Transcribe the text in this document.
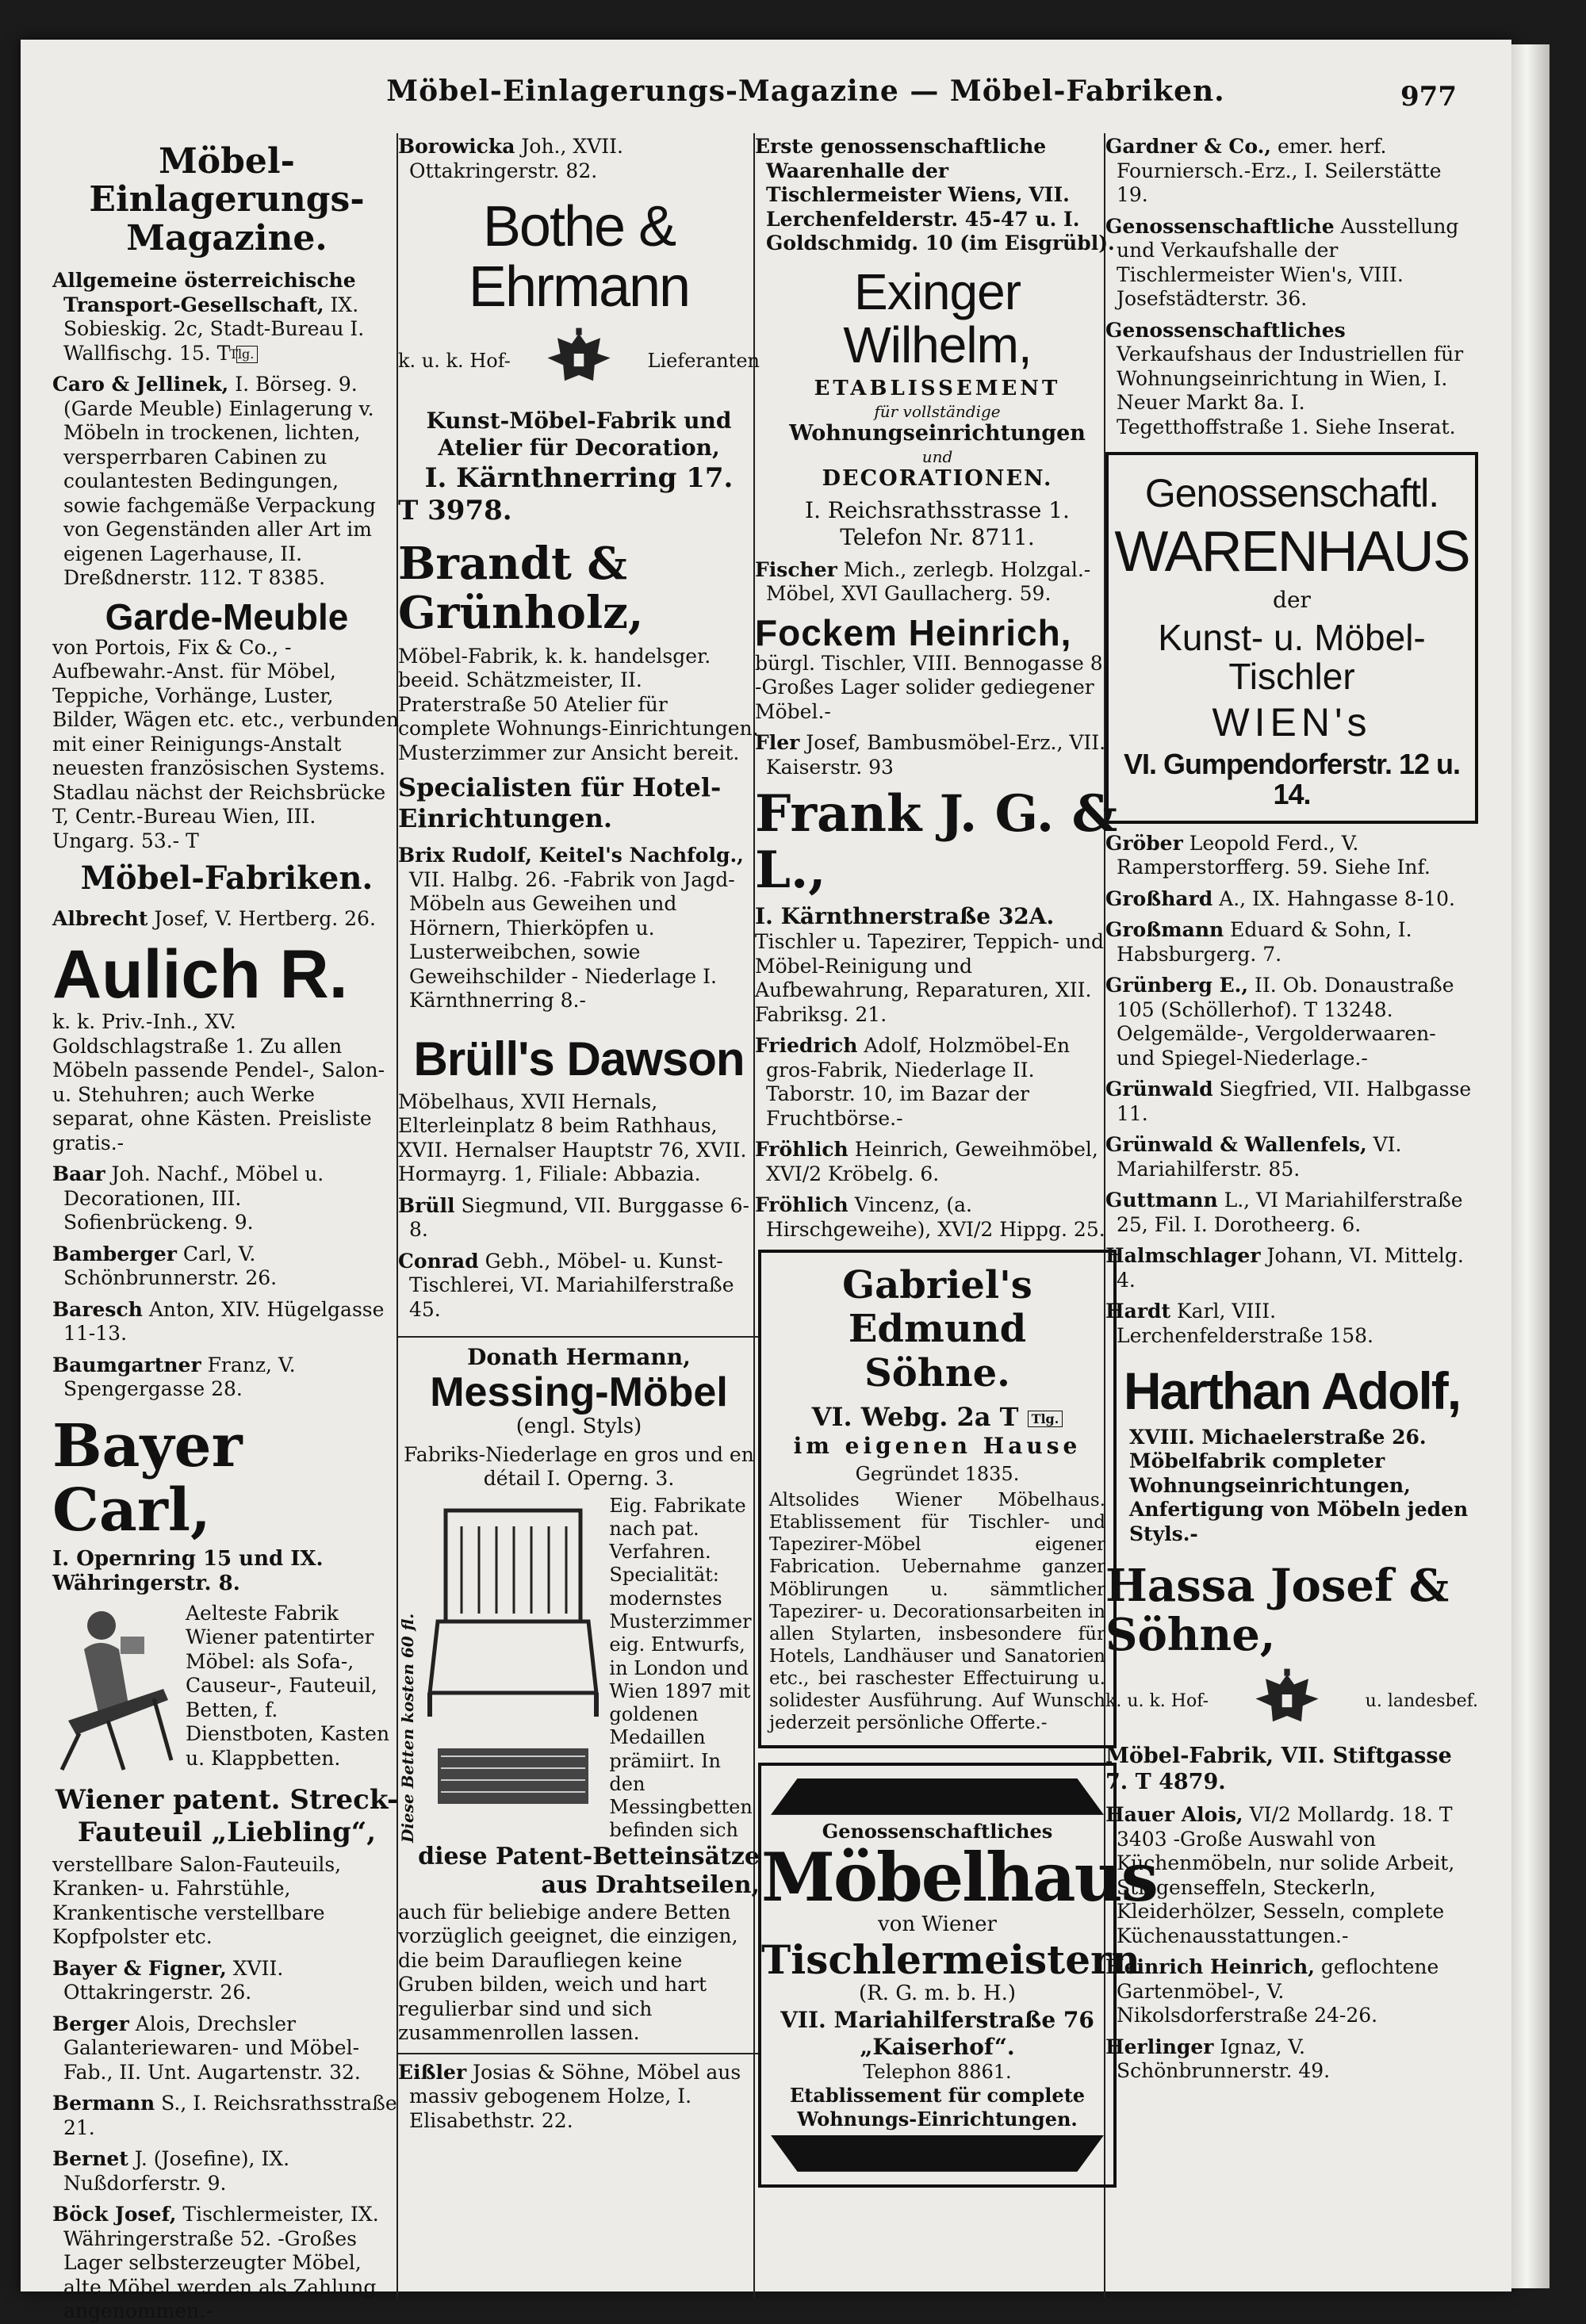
Möbel-Einlagerungs-Magazine — Möbel-Fabriken.	977
Möbel-Einlagerungs-Magazine.
Allgemeine österreichische Transport-Gesellschaft, IX. Sobieskig. 2c, Stadt-Bureau I. Wallfischg. 15. T Tlg.
Caro & Jellinek, I. Börseg. 9. (Garde Meuble) Einlagerung v. Möbeln in trockenen, lichten, versperrbaren Cabinen zu coulantesten Bedingungen, sowie fachgemäße Verpackung von Gegenständen aller Art im eigenen Lagerhause, II. Dreßdnerstr. 112. T 8385.
Garde-Meuble
von Portois, Fix & Co., -Aufbewahr.-Anst. für Möbel, Teppiche, Vorhänge, Luster, Bilder, Wägen etc. etc., verbunden mit einer Reinigungs-Anstalt neuesten französischen Systems. Stadlau nächst der Reichsbrücke T, Centr.-Bureau Wien, III. Ungarg. 53.- T
Möbel-Fabriken.
Albrecht Josef, V. Hertberg. 26.
Aulich R.
k. k. Priv.-Inh., XV. Goldschlagstraße 1. Zu allen Möbeln passende Pendel-, Salon- u. Stehuhren; auch Werke separat, ohne Kästen. Preisliste gratis.-
Baar Joh. Nachf., Möbel u. Decorationen, III. Sofienbrückeng. 9.
Bamberger Carl, V. Schönbrunnerstr. 26.
Baresch Anton, XIV. Hügelgasse 11-13.
Baumgartner Franz, V. Spengergasse 28.
Bayer Carl,
I. Opernring 15 und IX. Währingerstr. 8.
Aelteste Fabrik Wiener patentirter Möbel: als Sofa-, Causeur-, Fauteuil, Betten, f. Dienstboten, Kasten u. Klappbetten.
Wiener patent. Streck-Fauteuil „Liebling“,
verstellbare Salon-Fauteuils, Kranken- u. Fahrstühle, Krankentische verstellbare Kopfpolster etc.
Bayer & Figner, XVII. Ottakringerstr. 26.
Berger Alois, Drechsler Galanteriewaren- und Möbel-Fab., II. Unt. Augartenstr. 32.
Bermann S., I. Reichsrathsstraße 21.
Bernet J. (Josefine), IX. Nußdorferstr. 9.
Böck Josef, Tischlermeister, IX. Währingerstraße 52. -Großes Lager selbsterzeugter Möbel, alte Möbel werden als Zahlung angenommen.-
Borowicka Joh., XVII. Ottakringerstr. 82.
Bothe & Ehrmann
k. u. k. Hof-	Lieferanten
Kunst-Möbel-Fabrik und Atelier für Decoration,
I. Kärnthnerring 17.
T 3978.
Brandt & Grünholz,
Möbel-Fabrik, k. k. handelsger. beeid. Schätzmeister, II. Praterstraße 50 Atelier für complete Wohnungs-Einrichtungen. Musterzimmer zur Ansicht bereit.
Specialisten für Hotel-Einrichtungen.
Brix Rudolf, Keitel's Nachfolg., VII. Halbg. 26. -Fabrik von Jagd-Möbeln aus Geweihen und Hörnern, Thierköpfen u. Lusterweibchen, sowie Geweihschilder - Niederlage I. Kärnthnerring 8.-
Brüll's Dawson
Möbelhaus, XVII Hernals, Elterleinplatz 8 beim Rathhaus, XVII. Hernalser Hauptstr 76, XVII. Hormayrg. 1, Filiale: Abbazia.
Brüll Siegmund, VII. Burggasse 6-8.
Conrad Gebh., Möbel- u. Kunst-Tischlerei, VI. Mariahilferstraße 45.
Donath Hermann,
Messing-Möbel
(engl. Styls)
Fabriks-Niederlage en gros und en détail I. Operng. 3.
Diese Betten kosten 60 fl.
Eig. Fabrikate nach pat. Verfahren. Specialität: modernstes Musterzimmer eig. Entwurfs, in London und Wien 1897 mit goldenen Medaillen prämiirt. In den Messingbetten befinden sich
diese Patent-Betteinsätze aus Drahtseilen,
auch für beliebige andere Betten vorzüglich geeignet, die einzigen, die beim Daraufliegen keine Gruben bilden, weich und hart regulierbar sind und sich zusammenrollen lassen.
Eißler Josias & Söhne, Möbel aus massiv gebogenem Holze, I. Elisabethstr. 22.
Erste genossenschaftliche Waarenhalle der Tischlermeister Wiens, VII. Lerchenfelderstr. 45-47 u. I. Goldschmidg. 10 (im Eisgrübl).
Exinger Wilhelm,
ETABLISSEMENT
für vollständige
Wohnungseinrichtungen
und
DECORATIONEN.
I. Reichsrathsstrasse 1.
Telefon Nr. 8711.
Fischer Mich., zerlegb. Holzgal.-Möbel, XVI Gaullacherg. 59.
Fockem Heinrich,
bürgl. Tischler, VIII. Bennogasse 8. -Großes Lager solider gediegener Möbel.-
Fler Josef, Bambusmöbel-Erz., VII. Kaiserstr. 93
Frank J. G. & L.,
I. Kärnthnerstraße 32A.
Tischler u. Tapezirer, Teppich- und Möbel-Reinigung und Aufbewahrung, Reparaturen, XII. Fabriksg. 21.
Friedrich Adolf, Holzmöbel-En gros-Fabrik, Niederlage II. Taborstr. 10, im Bazar der Fruchtbörse.-
Fröhlich Heinrich, Geweihmöbel, XVI/2 Kröbelg. 6.
Fröhlich Vincenz, (a. Hirschgeweihe), XVI/2 Hippg. 25.
Gabriel's Edmund Söhne.
VI. Webg. 2a T Tlg.
im eigenen Hause
Gegründet 1835.
Altsolides Wiener Möbelhaus. Etablissement für Tischler- und Tapezirer-Möbel eigener Fabrication. Uebernahme ganzer Möblirungen u. sämmtlicher Tapezirer- u. Decorationsarbeiten in allen Stylarten, insbesondere für Hotels, Landhäuser und Sanatorien etc., bei raschester Effectuirung u. solidester Ausführung. Auf Wunsch jederzeit persönliche Offerte.-
Genossenschaftliches
Möbelhaus
von Wiener
Tischlermeistern
(R. G. m. b. H.)
VII. Mariahilferstraße 76 „Kaiserhof“.
Telephon 8861.
Etablissement für complete Wohnungs-Einrichtungen.
Gardner & Co., emer. herf. Fourniersch.-Erz., I. Seilerstätte 19.
Genossenschaftliche Ausstellung und Verkaufshalle der Tischlermeister Wien's, VIII. Josefstädterstr. 36.
Genossenschaftliches Verkaufshaus der Industriellen für Wohnungseinrichtung in Wien, I. Neuer Markt 8a. I. Tegetthoffstraße 1. Siehe Inserat.
Genossenschaftl.
WARENHAUS
der
Kunst- u. Möbel-
Tischler
WIEN's
VI. Gumpendorferstr. 12 u. 14.
Gröber Leopold Ferd., V. Ramperstorfferg. 59. Siehe Inf.
Großhard A., IX. Hahngasse 8-10.
Großmann Eduard & Sohn, I. Habsburgerg. 7.
Grünberg E., II. Ob. Donaustraße 105 (Schöllerhof). T 13248. Oelgemälde-, Vergolderwaaren- und Spiegel-Niederlage.-
Grünwald Siegfried, VII. Halbgasse 11.
Grünwald & Wallenfels, VI. Mariahilferstr. 85.
Guttmann L., VI Mariahilferstraße 25, Fil. I. Dorotheerg. 6.
Halmschlager Johann, VI. Mittelg. 4.
Hardt Karl, VIII. Lerchenfelderstraße 158.
Harthan Adolf,
XVIII. Michaelerstraße 26. Möbelfabrik completer Wohnungseinrichtungen, Anfertigung von Möbeln jeden Styls.-
Hassa Josef & Söhne,
k. u. k. Hof-	u. landesbef.
Möbel-Fabrik, VII. Stiftgasse 7. T 4879.
Hauer Alois, VI/2 Mollardg. 18. T 3403 -Große Auswahl von Küchenmöbeln, nur solide Arbeit, Stiegenseffeln, Steckerln, Kleiderhölzer, Sesseln, complete Küchenausstattungen.-
Heinrich Heinrich, geflochtene Gartenmöbel-, V. Nikolsdorferstraße 24-26.
Herlinger Ignaz, V. Schönbrunnerstr. 49.
